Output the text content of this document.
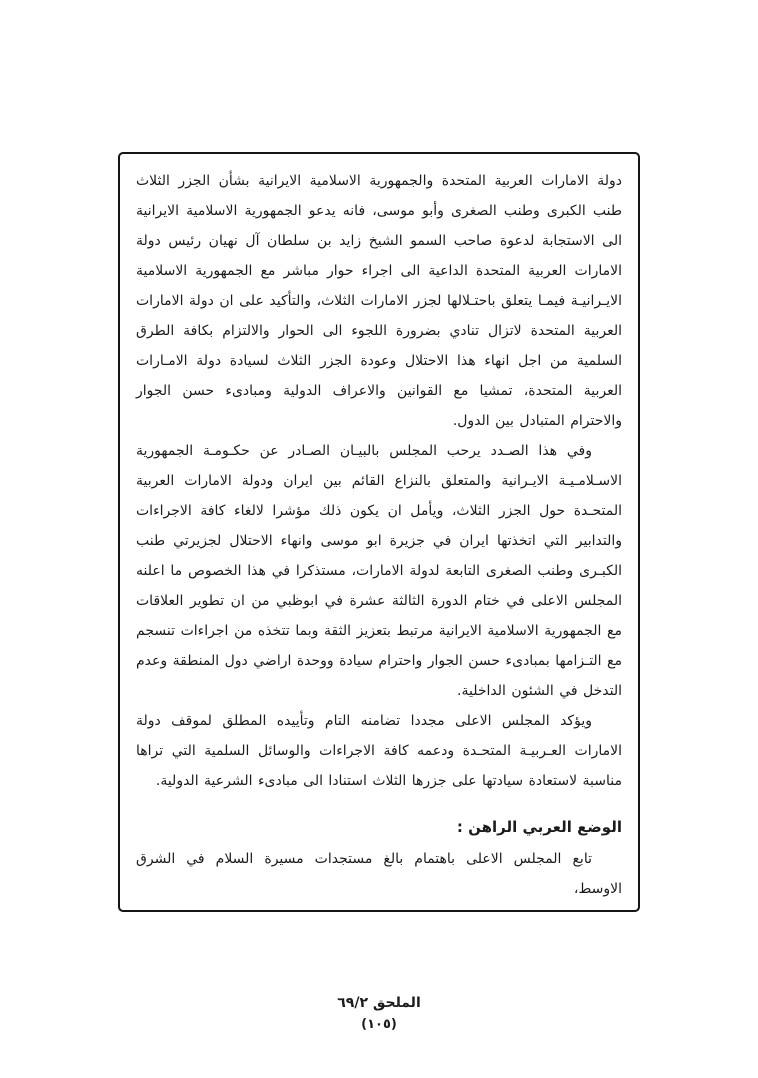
دولة الامارات العربية المتحدة والجمهورية الاسلامية الايرانية بشأن الجزر الثلاث طنب الكبرى وطنب الصغرى وأبو موسى، فانه يدعو الجمهورية الاسلامية الايرانية الى الاستجابة لدعوة صاحب السمو الشيخ زايد بن سلطان آل نهيان رئيس دولة الامارات العربية المتحدة الداعية الى اجراء حوار مباشر مع الجمهورية الاسلامية الايـرانيـة فيمـا يتعلق باحتـلالها لجزر الامارات الثلاث، والتأكيد على ان دولة الامارات العربية المتحدة لاتزال تنادي بضرورة اللجوء الى الحوار والالتزام بكافة الطرق السلمية من اجل انهاء هذا الاحتلال وعودة الجزر الثلاث لسيادة دولة الامـارات العربية المتحدة، تمشيا مع القوانين والاعراف الدولية ومبادىء حسن الجوار والاحترام المتبادل بين الدول.

وفي هذا الصـدد يرحب المجلس بالبيـان الصـادر عن حكـومـة الجمهورية الاسـلامـيـة الايـرانية والمتعلق بالنزاع القائم بين ايران ودولة الامارات العربية المتحـدة حول الجزر الثلاث، ويأمل ان يكون ذلك مؤشرا لالغاء كافة الاجراءات والتدابير التي اتخذتها ايران في جزيرة ابو موسى وانهاء الاحتلال لجزيرتي طنب الكبـرى وطنب الصغرى التابعة لدولة الامارات، مستذكرا في هذا الخصوص ما اعلنه المجلس الاعلى في ختام الدورة الثالثة عشرة في ابوظبي من ان تطوير العلاقات مع الجمهورية الاسلامية الايرانية مرتبط بتعزيز الثقة وبما تتخذه من اجراءات تنسجم مع التـزامها بمبادىء حسن الجوار واحترام سيادة ووحدة اراضي دول المنطقة وعدم التدخل في الشئون الداخلية.

ويؤكد المجلس الاعلى مجددا تضامنه التام وتأييده المطلق لموقف دولة الامارات العـربيـة المتحـدة ودعمه كافة الاجراءات والوسائل السلمية التي تراها مناسبة لاستعادة سيادتها على جزرها الثلاث استنادا الى مبادىء الشرعية الدولية.

الوضع العربي الراهن :

تابع المجلس الاعلى باهتمام بالغ مستجدات مسيرة السلام في الشرق الاوسط،

الملحق ٦٩/٢
(١٠٥)
